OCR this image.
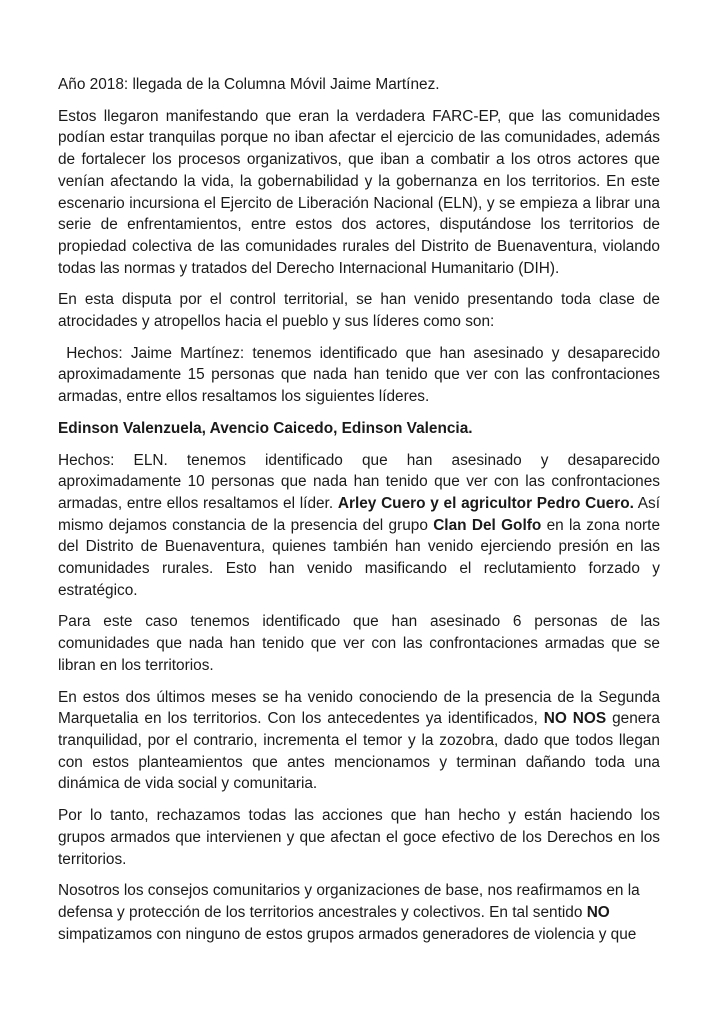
Año 2018: llegada de la Columna Móvil Jaime Martínez.

Estos llegaron manifestando que eran la verdadera FARC-EP, que las comunidades podían estar tranquilas porque no iban afectar el ejercicio de las comunidades, además de fortalecer los procesos organizativos, que iban a combatir a los otros actores que venían afectando la vida, la gobernabilidad y la gobernanza en los territorios. En este escenario incursiona el Ejercito de Liberación Nacional (ELN), y se empieza a librar una serie de enfrentamientos, entre estos dos actores, disputándose los territorios de propiedad colectiva de las comunidades rurales del Distrito de Buenaventura, violando todas las normas y tratados del Derecho Internacional Humanitario (DIH).

En esta disputa por el control territorial, se han venido presentando toda clase de atrocidades y atropellos hacia el pueblo y sus líderes como son:

Hechos: Jaime Martínez: tenemos identificado que han asesinado y desaparecido aproximadamente 15 personas que nada han tenido que ver con las confrontaciones armadas, entre ellos resaltamos los siguientes líderes.

Edinson Valenzuela, Avencio Caicedo, Edinson Valencia.

Hechos: ELN. tenemos identificado que han asesinado y desaparecido aproximadamente 10 personas que nada han tenido que ver con las confrontaciones armadas, entre ellos resaltamos el líder. Arley Cuero y el agricultor Pedro Cuero. Así mismo dejamos constancia de la presencia del grupo Clan Del Golfo en la zona norte del Distrito de Buenaventura, quienes también han venido ejerciendo presión en las comunidades rurales. Esto han venido masificando el reclutamiento forzado y estratégico.

Para este caso tenemos identificado que han asesinado 6 personas de las comunidades que nada han tenido que ver con las confrontaciones armadas que se libran en los territorios.

En estos dos últimos meses se ha venido conociendo de la presencia de la Segunda Marquetalia en los territorios. Con los antecedentes ya identificados, NO NOS genera tranquilidad, por el contrario, incrementa el temor y la zozobra, dado que todos llegan con estos planteamientos que antes mencionamos y terminan dañando toda una dinámica de vida social y comunitaria.

Por lo tanto, rechazamos todas las acciones que han hecho y están haciendo los grupos armados que intervienen y que afectan el goce efectivo de los Derechos en los territorios.

Nosotros los consejos comunitarios y organizaciones de base, nos reafirmamos en la defensa y protección de los territorios ancestrales y colectivos. En tal sentido NO simpatizamos con ninguno de estos grupos armados generadores de violencia y que
